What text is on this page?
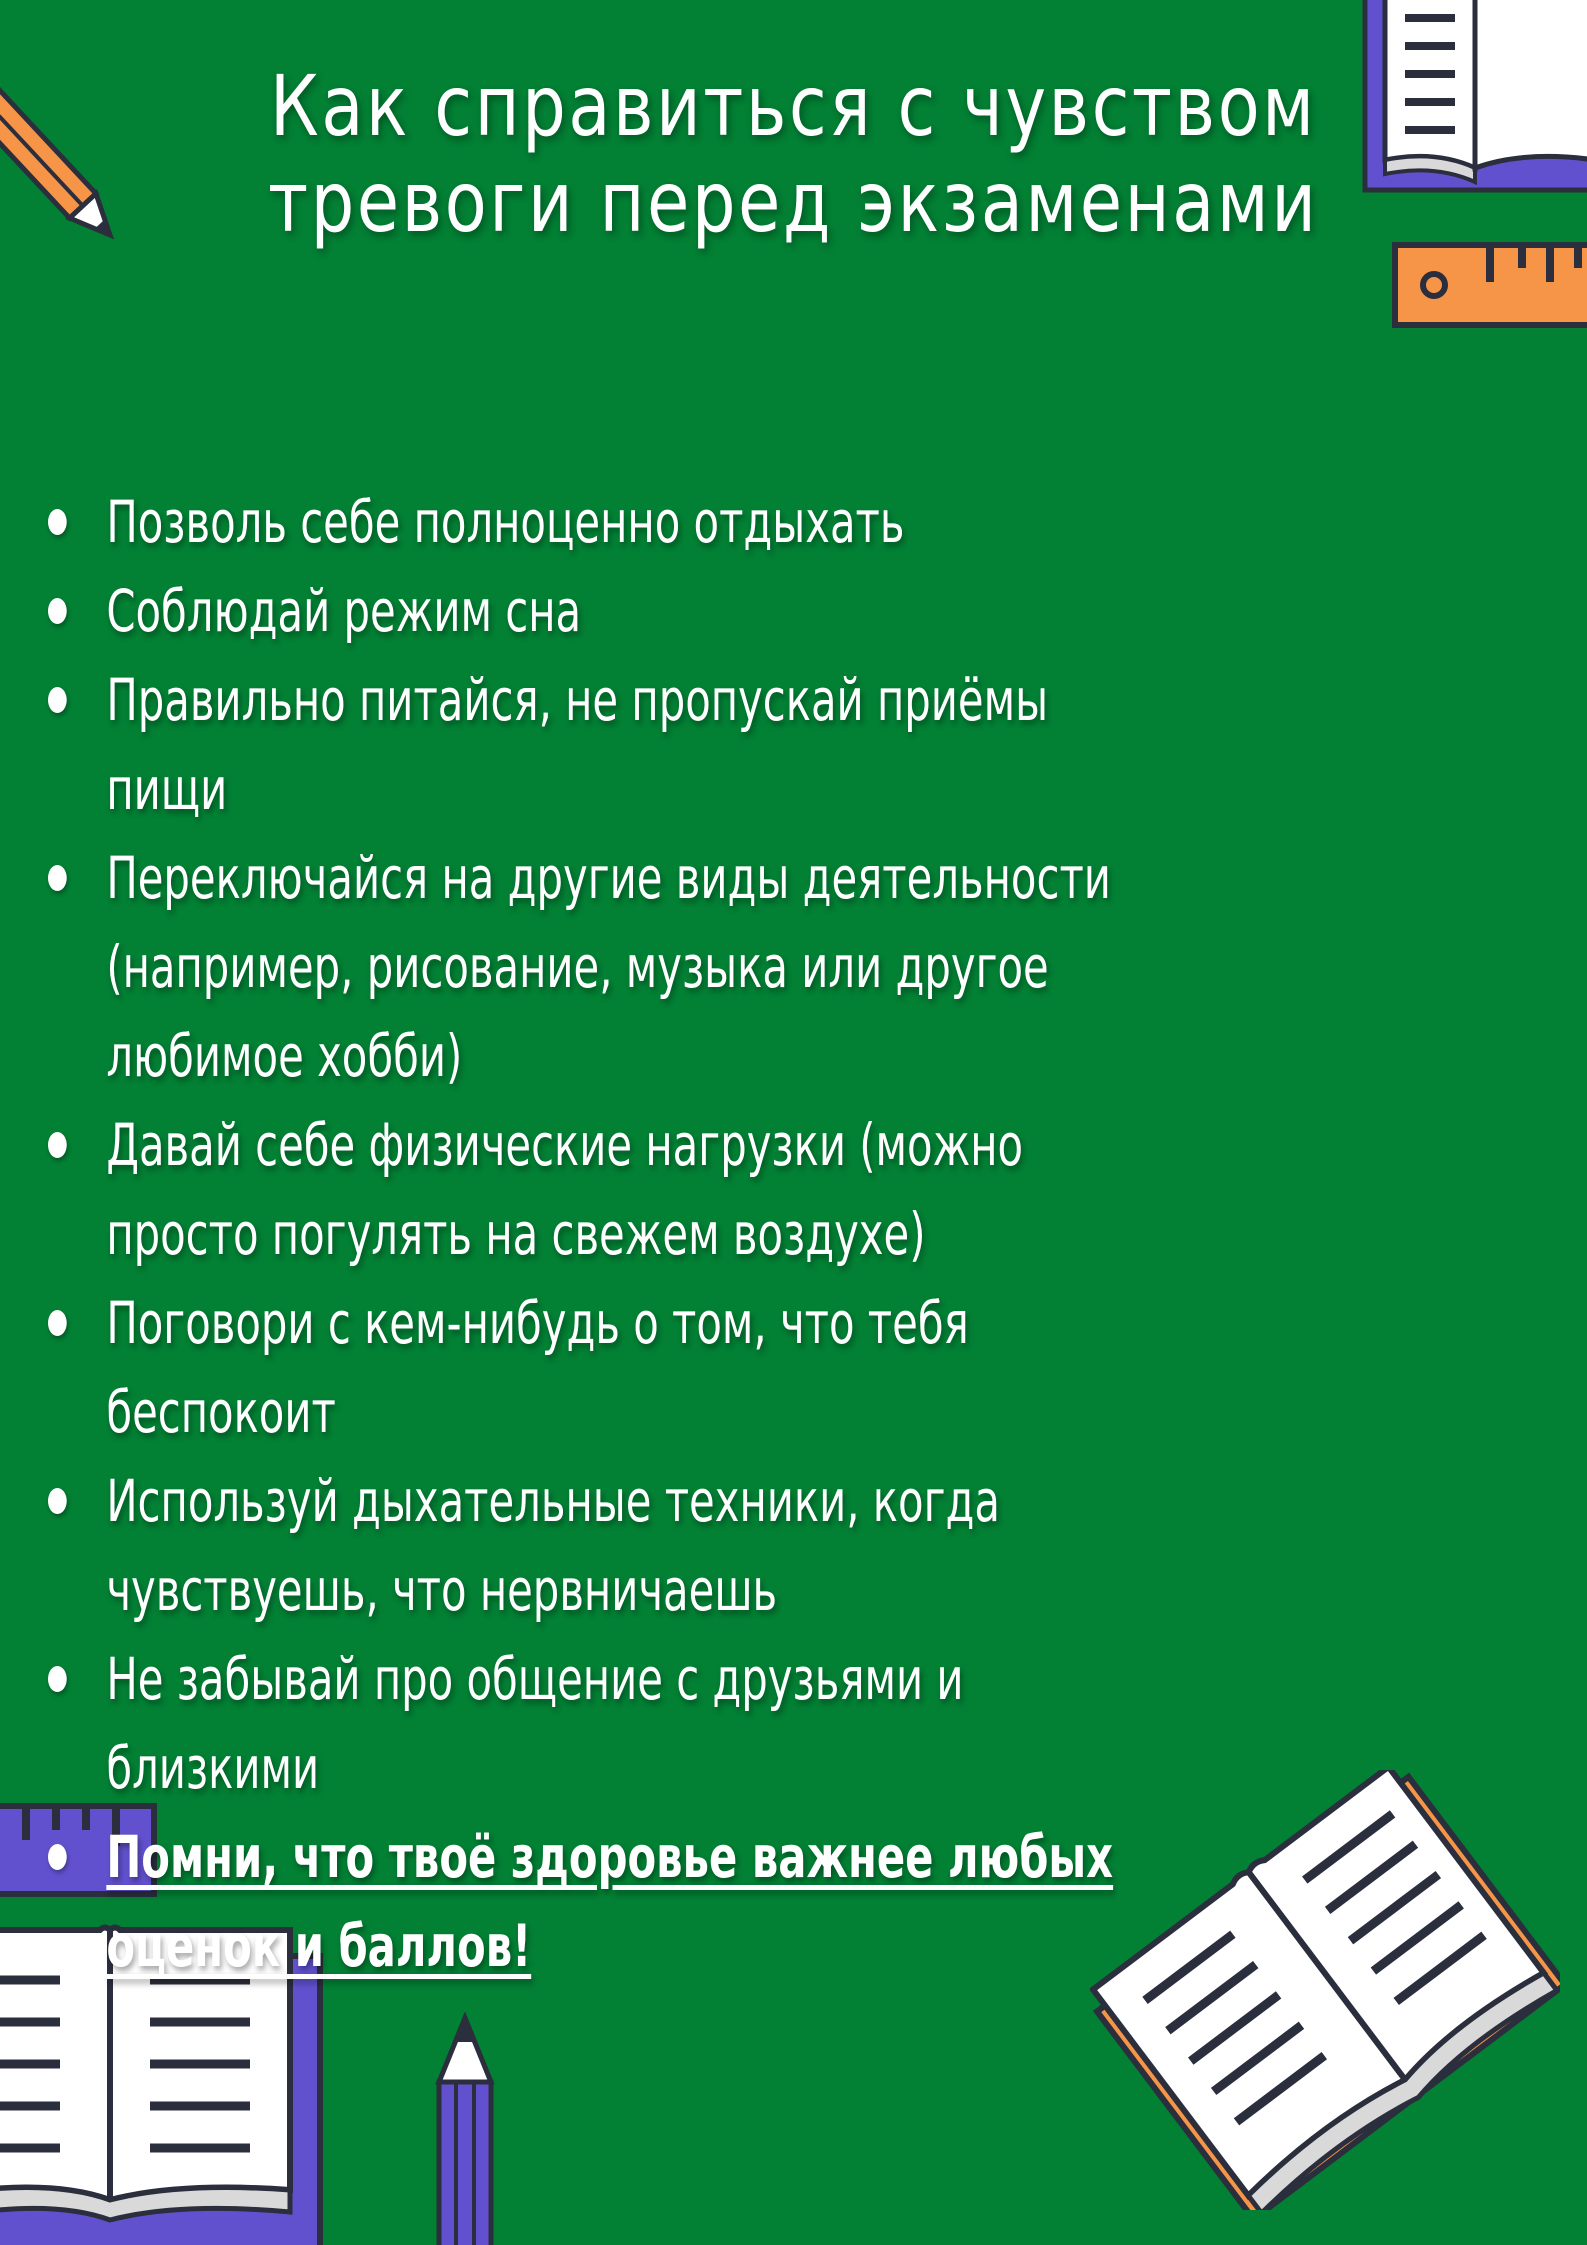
Как справиться с чувством
тревоги перед экзаменами
Позволь себе полноценно отдыхать
Соблюдай режим сна
Правильно питайся, не пропускай приёмы пищи
Переключайся на другие виды деятельности (например, рисование, музыка или другое любимое хобби)
Давай себе физические нагрузки (можно просто погулять на свежем воздухе)
Поговори с кем-нибудь о том, что тебя беспокоит
Используй дыхательные техники, когда чувствуешь, что нервничаешь
Не забывай про общение с друзьями и близкими
Помни, что твоё здоровье важнее любых оценок и баллов!
